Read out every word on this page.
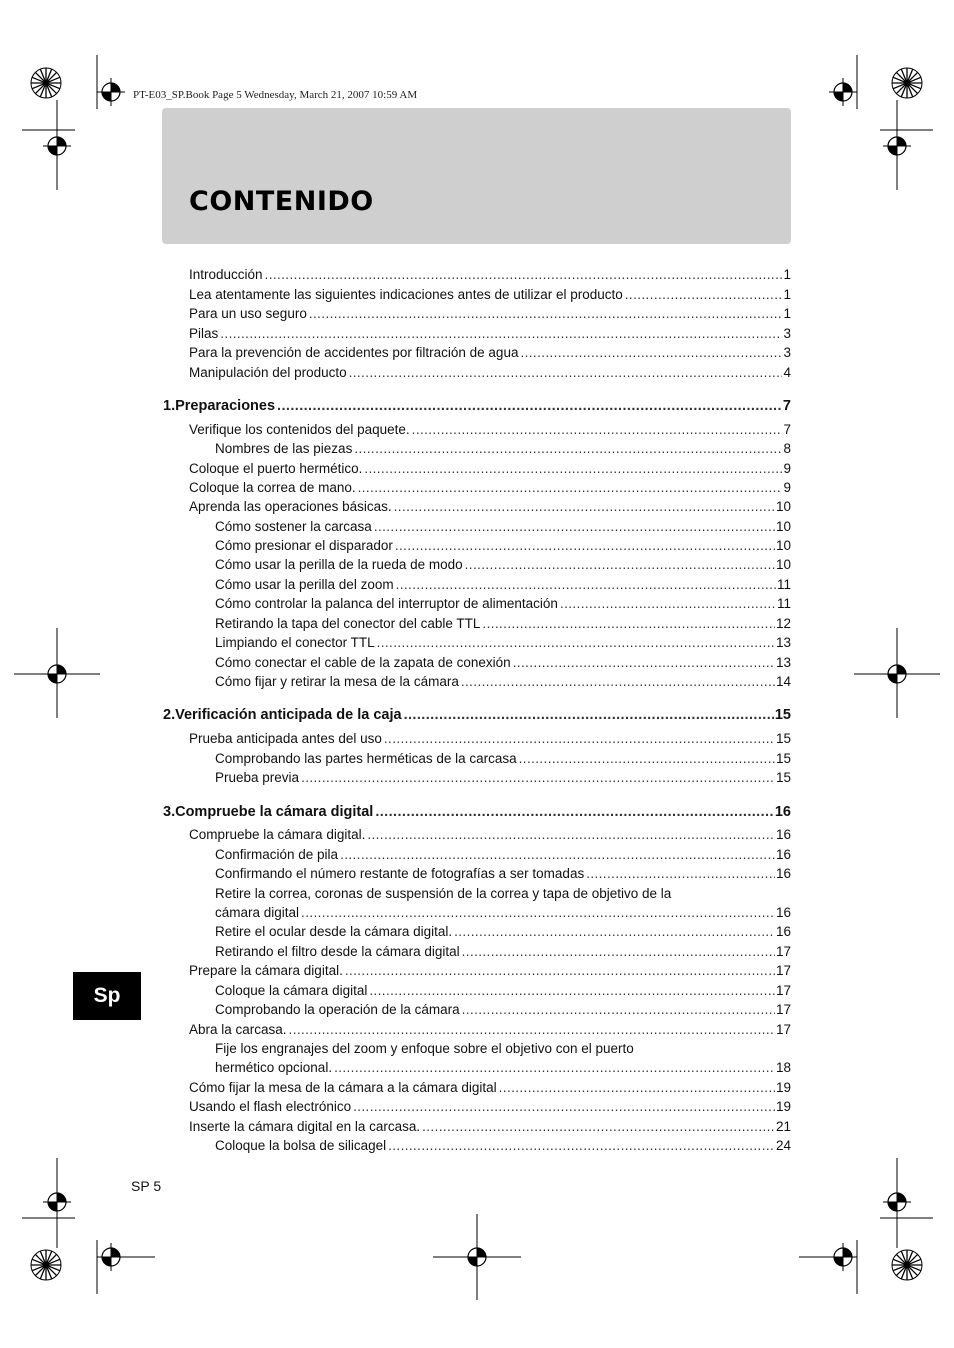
PT-E03_SP.Book Page 5 Wednesday, March 21, 2007 10:59 AM
CONTENIDO
Introducción .....	1
Lea atentamente las siguientes indicaciones antes de utilizar el producto .....	1
Para un uso seguro .....	1
Pilas .....	3
Para la prevención de accidentes por filtración de agua .....	3
Manipulación del producto .....	4
1.Preparaciones .....	7
Verifique los contenidos del paquete. .....	7
Nombres de las piezas .....	8
Coloque el puerto hermético. .....	9
Coloque la correa de mano. .....	9
Aprenda las operaciones básicas. .....	10
Cómo sostener la carcasa .....	10
Cómo presionar el disparador .....	10
Cómo usar la perilla de la rueda de modo .....	10
Cómo usar la perilla del zoom .....	11
Cómo controlar la palanca del interruptor de alimentación .....	11
Retirando la tapa del conector del cable TTL .....	12
Limpiando el conector TTL .....	13
Cómo conectar el cable de la zapata de conexión .....	13
Cómo fijar y retirar la mesa de la cámara .....	14
2.Verificación anticipada de la caja .....	15
Prueba anticipada antes del uso .....	15
Comprobando las partes herméticas de la carcasa .....	15
Prueba previa .....	15
3.Compruebe la cámara digital .....	16
Compruebe la cámara digital. .....	16
Confirmación de pila .....	16
Confirmando el número restante de fotografías a ser tomadas .....	16
Retire la correa, coronas de suspensión de la correa y tapa de objetivo de la
cámara digital .....	16
Retire el ocular desde la cámara digital. .....	16
Retirando el filtro desde la cámara digital .....	17
Prepare la cámara digital. .....	17
Coloque la cámara digital .....	17
Comprobando la operación de la cámara .....	17
Abra la carcasa. .....	17
Fije los engranajes del zoom y enfoque sobre el objetivo con el puerto
hermético opcional. .....	18
Cómo fijar la mesa de la cámara a la cámara digital .....	19
Usando el flash electrónico .....	19
Inserte la cámara digital en la carcasa. .....	21
Coloque la bolsa de silicagel .....	24
Sp
SP 5
